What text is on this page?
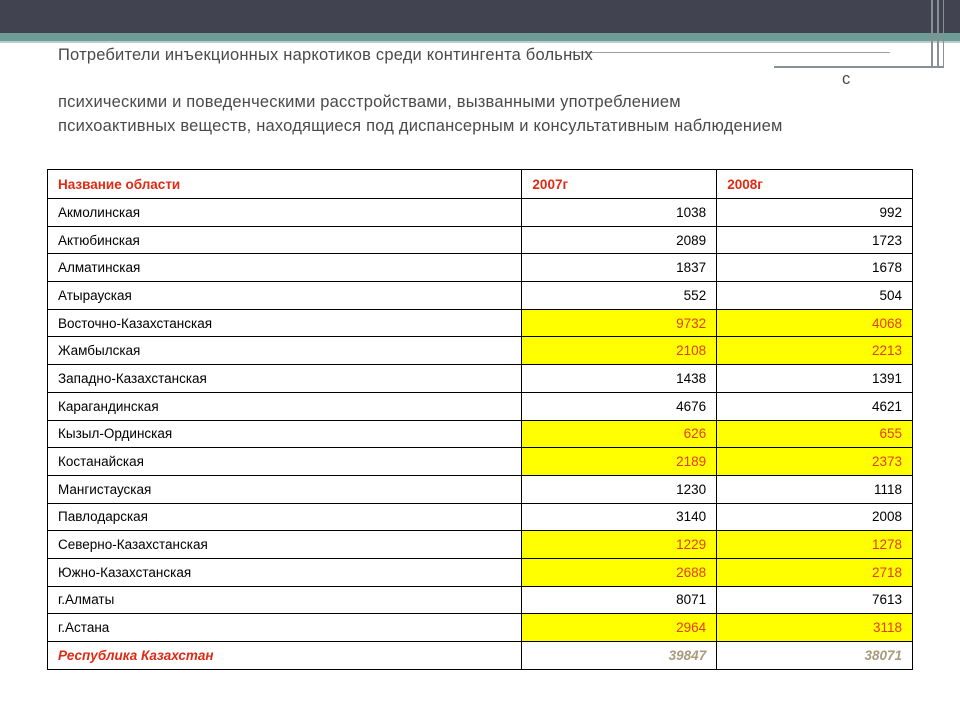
Потребители инъекционных наркотиков среди контингента больных

с

психическими и поведенческими расстройствами, вызванными употреблением

психоактивных веществ, находящиеся под диспансерным и консультативным наблюдением

Название области	2007г	2008г
Акмолинская	1038	992
Актюбинская	2089	1723
Алматинская	1837	1678
Атырауская	552	504
Восточно-Казахстанская	9732	4068
Жамбылская	2108	2213
Западно-Казахстанская	1438	1391
Карагандинская	4676	4621
Кызыл-Ординская	626	655
Костанайская	2189	2373
Мангистауская	1230	1118
Павлодарская	3140	2008
Северно-Казахстанская	1229	1278
Южно-Казахстанская	2688	2718
г.Алматы	8071	7613
г.Астана	2964	3118
Республика Казахстан	39847	38071
